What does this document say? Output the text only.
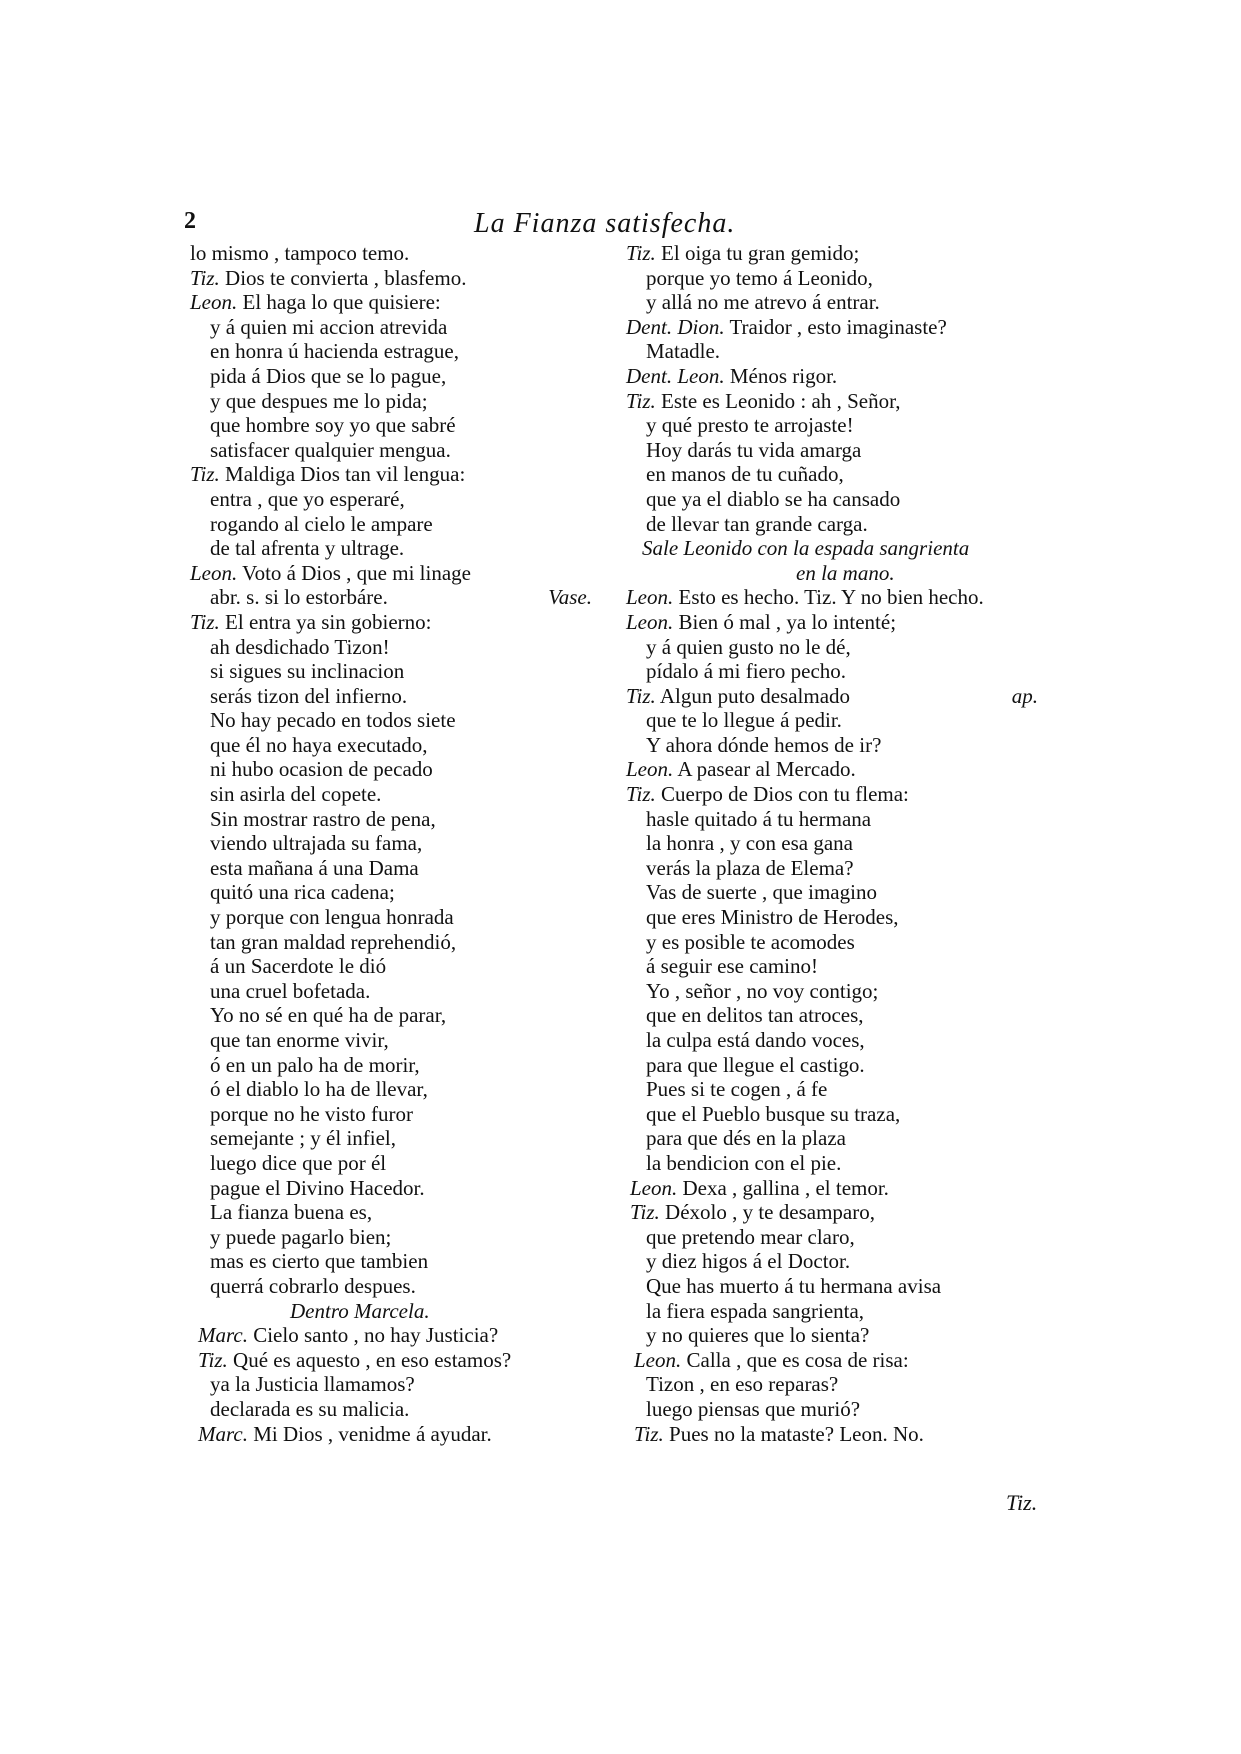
2	La Fianza satisfecha.
lo mismo , tampoco temo.
Tiz. Dios te convierta , blasfemo.
Leon. El haga lo que quisiere:
y á quien mi accion atrevida
en honra ú hacienda estrague,
pida á Dios que se lo pague,
y que despues me lo pida;
que hombre soy yo que sabré
satisfacer qualquier mengua.
Tiz. Maldiga Dios tan vil lengua:
entra , que yo esperaré,
rogando al cielo le ampare
de tal afrenta y ultrage.
Leon. Voto á Dios , que mi linage
abr. s. si lo estorbáre.	Vase.
Tiz. El entra ya sin gobierno:
ah desdichado Tizon!
si sigues su inclinacion
serás tizon del infierno.
No hay pecado en todos siete
que él no haya executado,
ni hubo ocasion de pecado
sin asirla del copete.
Sin mostrar rastro de pena,
viendo ultrajada su fama,
esta mañana á una Dama
quitó una rica cadena;
y porque con lengua honrada
tan gran maldad reprehendió,
á un Sacerdote le dió
una cruel bofetada.
Yo no sé en qué ha de parar,
que tan enorme vivir,
ó en un palo ha de morir,
ó el diablo lo ha de llevar,
porque no he visto furor
semejante ; y él infiel,
luego dice que por él
pague el Divino Hacedor.
La fianza buena es,
y puede pagarlo bien;
mas es cierto que tambien
querrá cobrarlo despues.
Dentro Marcela.
Marc. Cielo santo , no hay Justicia?
Tiz. Qué es aquesto , en eso estamos?
ya la Justicia llamamos?
declarada es su malicia.
Marc. Mi Dios , venidme á ayudar.
Tiz. El oiga tu gran gemido;
porque yo temo á Leonido,
y allá no me atrevo á entrar.
Dent. Dion. Traidor , esto imaginaste?
Matadle.
Dent. Leon. Ménos rigor.
Tiz. Este es Leonido : ah , Señor,
y qué presto te arrojaste!
Hoy darás tu vida amarga
en manos de tu cuñado,
que ya el diablo se ha cansado
de llevar tan grande carga.
Sale Leonido con la espada sangrienta
en la mano.
Leon. Esto es hecho. Tiz. Y no bien hecho.
Leon. Bien ó mal , ya lo intenté;
y á quien gusto no le dé,
pídalo á mi fiero pecho.
Tiz. Algun puto desalmado	ap.
que te lo llegue á pedir.
Y ahora dónde hemos de ir?
Leon. A pasear al Mercado.
Tiz. Cuerpo de Dios con tu flema:
hasle quitado á tu hermana
la honra , y con esa gana
verás la plaza de Elema?
Vas de suerte , que imagino
que eres Ministro de Herodes,
y es posible te acomodes
á seguir ese camino!
Yo , señor , no voy contigo;
que en delitos tan atroces,
la culpa está dando voces,
para que llegue el castigo.
Pues si te cogen , á fe
que el Pueblo busque su traza,
para que dés en la plaza
la bendicion con el pie.
Leon. Dexa , gallina , el temor.
Tiz. Déxolo , y te desamparo,
que pretendo mear claro,
y diez higos á el Doctor.
Que has muerto á tu hermana avisa
la fiera espada sangrienta,
y no quieres que lo sienta?
Leon. Calla , que es cosa de risa:
Tizon , en eso reparas?
luego piensas que murió?
Tiz. Pues no la mataste? Leon. No.
Tiz.
